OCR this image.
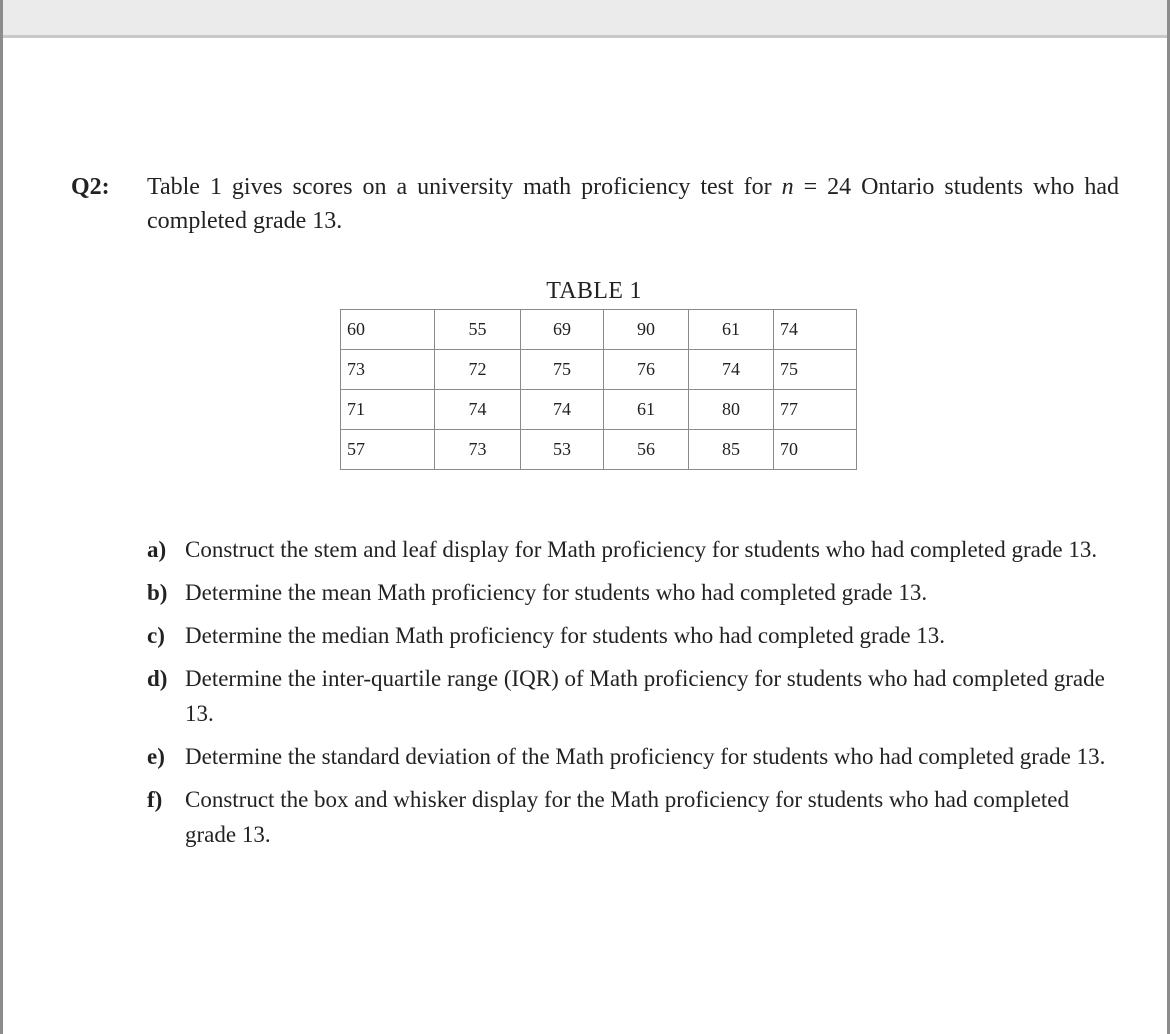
Q2: Table 1 gives scores on a university math proficiency test for n = 24 Ontario students who had completed grade 13.
TABLE 1
60	55	69	90	61	74
73	72	75	76	74	75
71	74	74	61	80	77
57	73	53	56	85	70
a) Construct the stem and leaf display for Math proficiency for students who had completed grade 13.
b) Determine the mean Math proficiency for students who had completed grade 13.
c) Determine the median Math proficiency for students who had completed grade 13.
d) Determine the inter-quartile range (IQR) of Math proficiency for students who had completed grade 13.
e) Determine the standard deviation of the Math proficiency for students who had completed grade 13.
f) Construct the box and whisker display for the Math proficiency for students who had completed grade 13.
